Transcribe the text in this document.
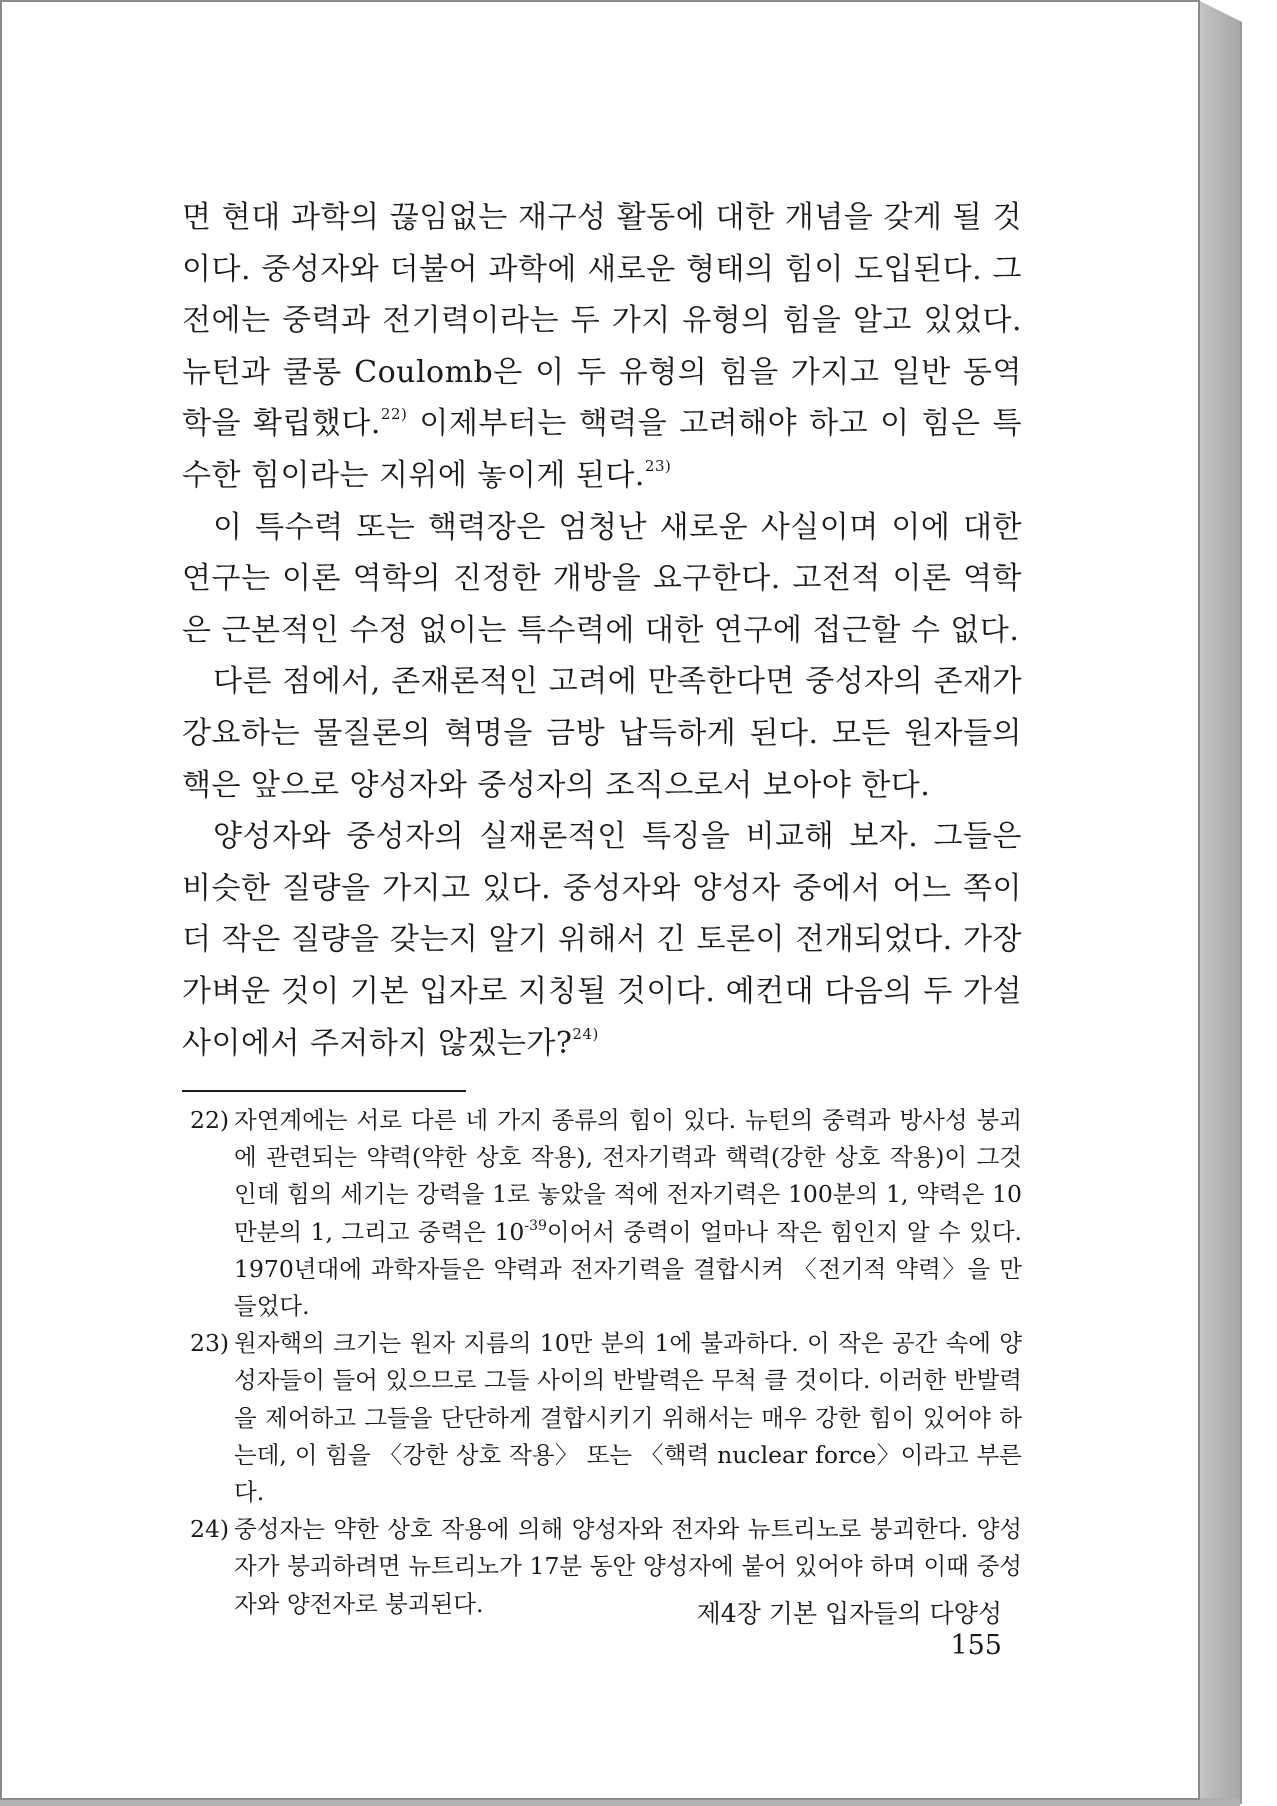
면 현대 과학의 끊임없는 재구성 활동에 대한 개념을 갖게 될 것이다. 중성자와 더불어 과학에 새로운 형태의 힘이 도입된다. 그 전에는 중력과 전기력이라는 두 가지 유형의 힘을 알고 있었다. 뉴턴과 쿨롱 Coulomb은 이 두 유형의 힘을 가지고 일반 동역학을 확립했다.$^{22)}$ 이제부터는 핵력을 고려해야 하고 이 힘은 특수한 힘이라는 지위에 놓이게 된다.$^{23)}$

이 특수력 또는 핵력장은 엄청난 새로운 사실이며 이에 대한 연구는 이론 역학의 진정한 개방을 요구한다. 고전적 이론 역학은 근본적인 수정 없이는 특수력에 대한 연구에 접근할 수 없다.

다른 점에서, 존재론적인 고려에 만족한다면 중성자의 존재가 강요하는 물질론의 혁명을 금방 납득하게 된다. 모든 원자들의 핵은 앞으로 양성자와 중성자의 조직으로서 보아야 한다.

양성자와 중성자의 실재론적인 특징을 비교해 보자. 그들은 비슷한 질량을 가지고 있다. 중성자와 양성자 중에서 어느 쪽이 더 작은 질량을 갖는지 알기 위해서 긴 토론이 전개되었다. 가장 가벼운 것이 기본 입자로 지칭될 것이다. 예컨대 다음의 두 가설 사이에서 주저하지 않겠는가?$^{24)}$

22) 자연계에는 서로 다른 네 가지 종류의 힘이 있다. 뉴턴의 중력과 방사성 붕괴에 관련되는 약력(약한 상호 작용), 전자기력과 핵력(강한 상호 작용)이 그것인데 힘의 세기는 강력을 1로 놓았을 적에 전자기력은 100분의 1, 약력은 10만분의 1, 그리고 중력은 $10^{-39}$이어서 중력이 얼마나 작은 힘인지 알 수 있다. 1970년대에 과학자들은 약력과 전자기력을 결합시켜 〈전기적 약력〉을 만들었다.
23) 원자핵의 크기는 원자 지름의 10만 분의 1에 불과하다. 이 작은 공간 속에 양성자들이 들어 있으므로 그들 사이의 반발력은 무척 클 것이다. 이러한 반발력을 제어하고 그들을 단단하게 결합시키기 위해서는 매우 강한 힘이 있어야 하는데, 이 힘을 〈강한 상호 작용〉 또는 〈핵력 nuclear force〉이라고 부른다.
24) 중성자는 약한 상호 작용에 의해 양성자와 전자와 뉴트리노로 붕괴한다. 양성자가 붕괴하려면 뉴트리노가 17분 동안 양성자에 붙어 있어야 하며 이때 중성자와 양전자로 붕괴된다.	제4장 기본 입자들의 다양성155
